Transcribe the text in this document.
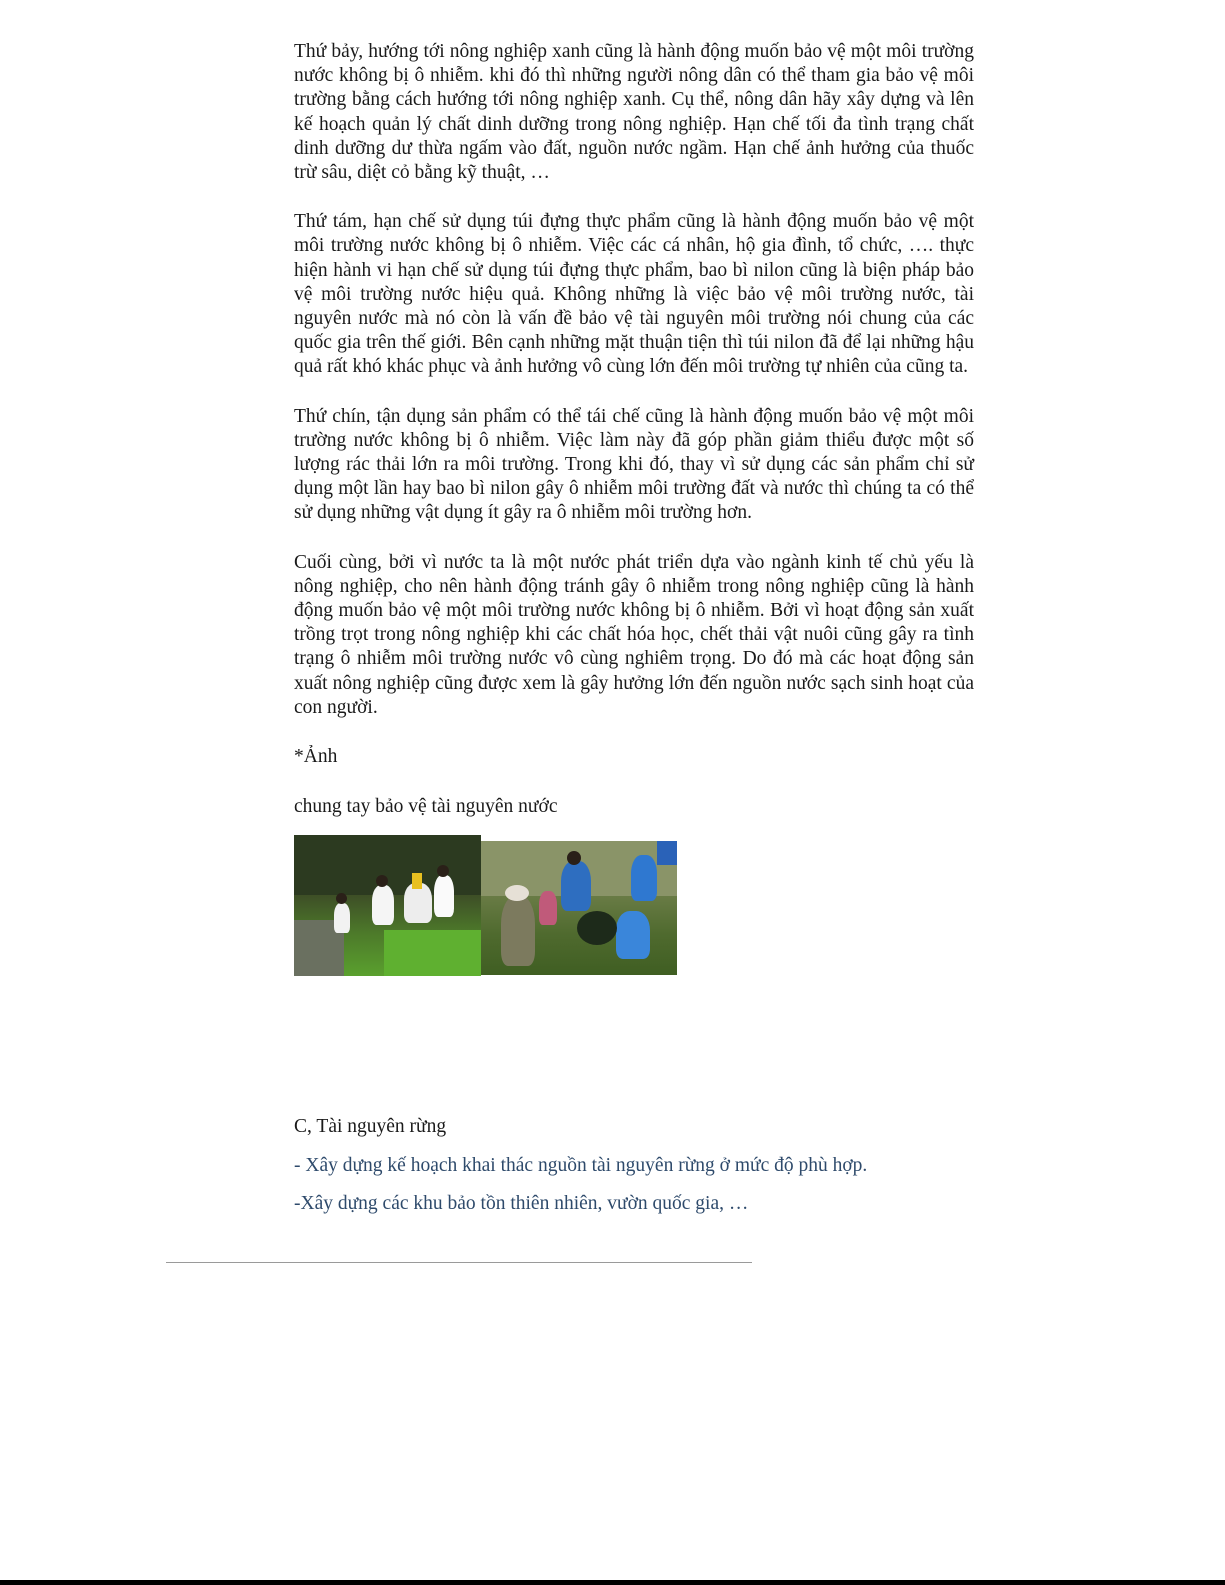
Thứ bảy, hướng tới nông nghiệp xanh cũng là hành động muốn bảo vệ một môi trường nước không bị ô nhiễm. khi đó thì những người nông dân có thể tham gia bảo vệ môi trường bằng cách hướng tới nông nghiệp xanh. Cụ thể, nông dân hãy xây dựng và lên kế hoạch quản lý chất dinh dưỡng trong nông nghiệp. Hạn chế tối đa tình trạng chất dinh dưỡng dư thừa ngấm vào đất, nguồn nước ngầm. Hạn chế ảnh hưởng của thuốc trừ sâu, diệt cỏ bằng kỹ thuật, …

Thứ tám, hạn chế sử dụng túi đựng thực phẩm cũng là hành động muốn bảo vệ một môi trường nước không bị ô nhiễm. Việc các cá nhân, hộ gia đình, tổ chức, …. thực hiện hành vi hạn chế sử dụng túi đựng thực phẩm, bao bì nilon cũng là biện pháp bảo vệ môi trường nước hiệu quả. Không những là việc bảo vệ môi trường nước, tài nguyên nước mà nó còn là vấn đề bảo vệ tài nguyên môi trường nói chung của các quốc gia trên thế giới. Bên cạnh những mặt thuận tiện thì túi nilon đã để lại những hậu quả rất khó khác phục và ảnh hưởng vô cùng lớn đến môi trường tự nhiên của cũng ta.

Thứ chín, tận dụng sản phẩm có thể tái chế cũng là hành động muốn bảo vệ một môi trường nước không bị ô nhiễm. Việc làm này đã góp phần giảm thiểu được một số lượng rác thải lớn ra môi trường. Trong khi đó, thay vì sử dụng các sản phẩm chỉ sử dụng một lần hay bao bì nilon gây ô nhiễm môi trường đất và nước thì chúng ta có thể sử dụng những vật dụng ít gây ra ô nhiễm môi trường hơn.

Cuối cùng, bởi vì nước ta là một nước phát triển dựa vào ngành kinh tế chủ yếu là nông nghiệp, cho nên hành động tránh gây ô nhiễm trong nông nghiệp cũng là hành động muốn bảo vệ một môi trường nước không bị ô nhiễm. Bởi vì hoạt động sản xuất trồng trọt trong nông nghiệp khi các chất hóa học, chết thải vật nuôi cũng gây ra tình trạng ô nhiễm môi trường nước vô cùng nghiêm trọng. Do đó mà các hoạt động sản xuất nông nghiệp cũng được xem là gây hưởng lớn đến nguồn nước sạch sinh hoạt của con người.

*Ảnh

chung tay bảo vệ tài nguyên nước

C, Tài nguyên rừng

- Xây dựng kế hoạch khai thác nguồn tài nguyên rừng ở mức độ phù hợp.

-Xây dựng các khu bảo tồn thiên nhiên, vườn quốc gia, …
